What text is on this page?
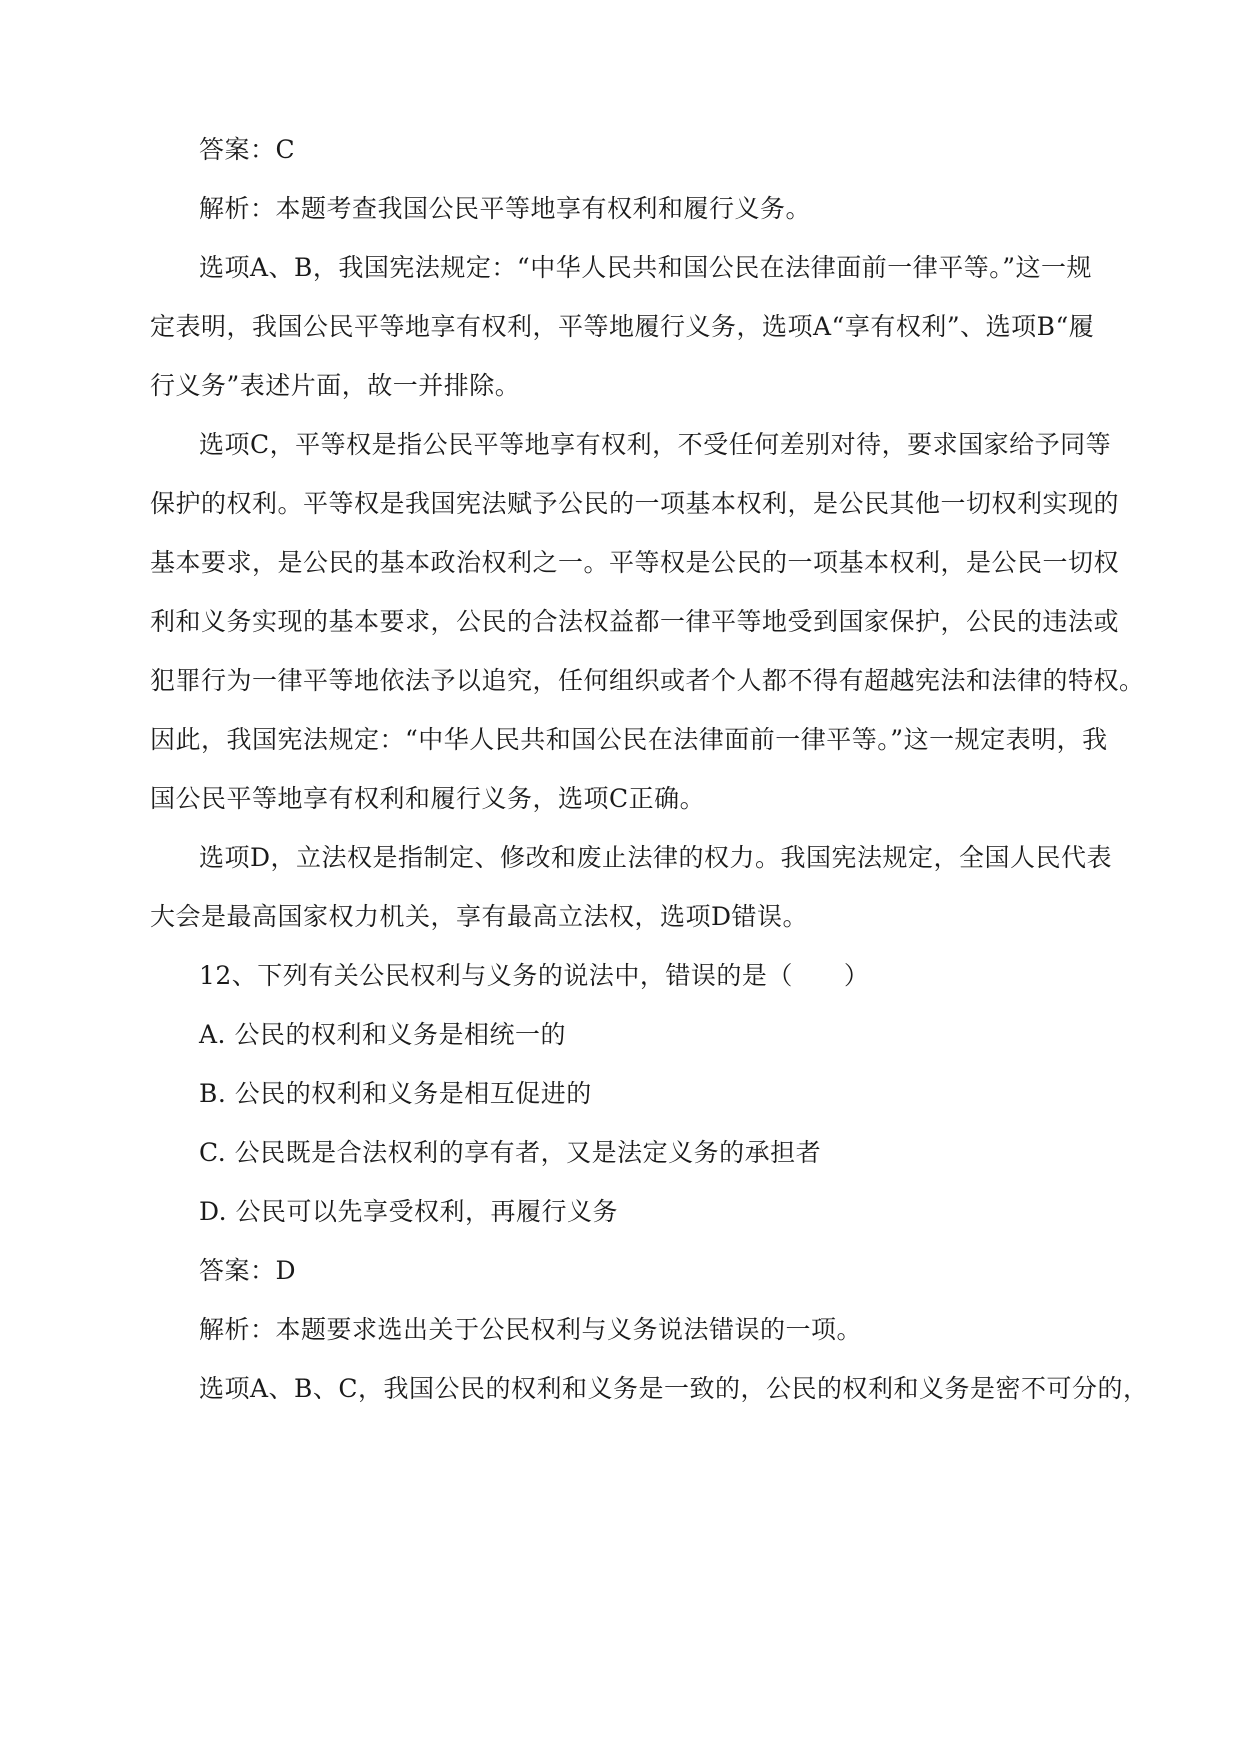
答案：C
解析：本题考查我国公民平等地享有权利和履行义务。
选项A、B，我国宪法规定：“中华人民共和国公民在法律面前一律平等。”这一规
定表明，我国公民平等地享有权利，平等地履行义务，选项A“享有权利”、选项B“履
行义务”表述片面，故一并排除。
选项C，平等权是指公民平等地享有权利，不受任何差别对待，要求国家给予同等
保护的权利。平等权是我国宪法赋予公民的一项基本权利，是公民其他一切权利实现的
基本要求，是公民的基本政治权利之一。平等权是公民的一项基本权利，是公民一切权
利和义务实现的基本要求，公民的合法权益都一律平等地受到国家保护，公民的违法或
犯罪行为一律平等地依法予以追究，任何组织或者个人都不得有超越宪法和法律的特权。
因此，我国宪法规定：“中华人民共和国公民在法律面前一律平等。”这一规定表明，我
国公民平等地享有权利和履行义务，选项C正确。
选项D，立法权是指制定、修改和废止法律的权力。我国宪法规定，全国人民代表
大会是最高国家权力机关，享有最高立法权，选项D错误。
12、下列有关公民权利与义务的说法中，错误的是（　　）
A. 公民的权利和义务是相统一的
B. 公民的权利和义务是相互促进的
C. 公民既是合法权利的享有者，又是法定义务的承担者
D. 公民可以先享受权利，再履行义务
答案：D
解析：本题要求选出关于公民权利与义务说法错误的一项。
选项A、B、C，我国公民的权利和义务是一致的，公民的权利和义务是密不可分的，
